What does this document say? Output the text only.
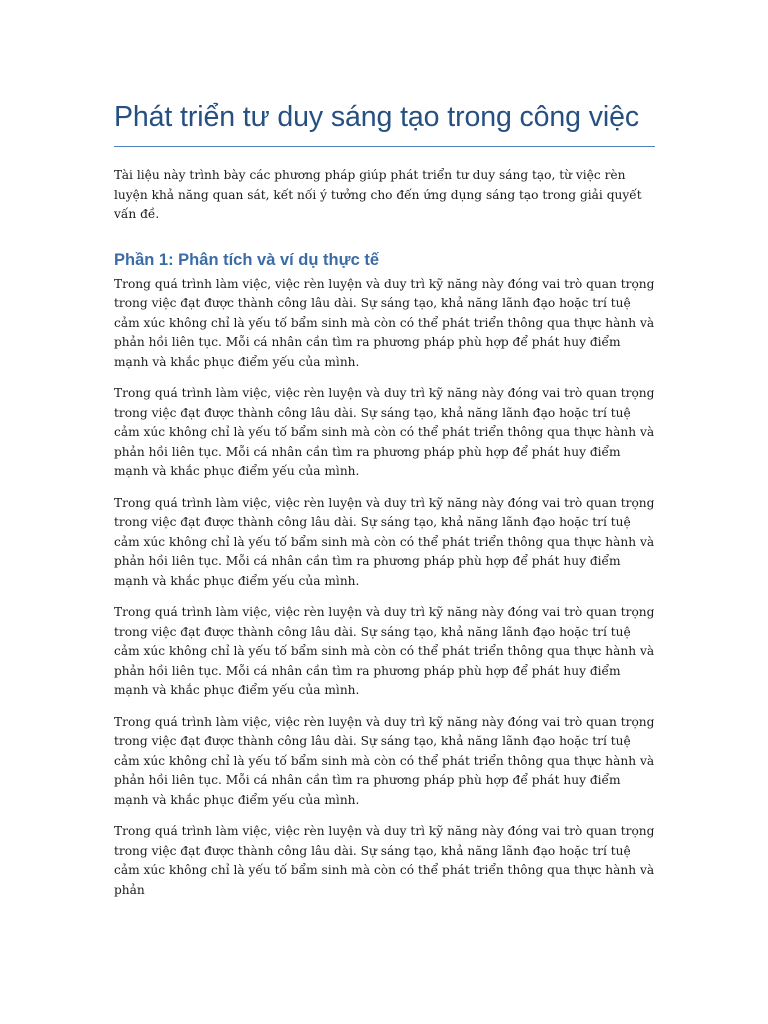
Phát triển tư duy sáng tạo trong công việc

Tài liệu này trình bày các phương pháp giúp phát triển tư duy sáng tạo, từ việc rèn luyện khả năng quan sát, kết nối ý tưởng cho đến ứng dụng sáng tạo trong giải quyết vấn đề.

Phần 1: Phân tích và ví dụ thực tế

Trong quá trình làm việc, việc rèn luyện và duy trì kỹ năng này đóng vai trò quan trọng trong việc đạt được thành công lâu dài. Sự sáng tạo, khả năng lãnh đạo hoặc trí tuệ cảm xúc không chỉ là yếu tố bẩm sinh mà còn có thể phát triển thông qua thực hành và phản hồi liên tục. Mỗi cá nhân cần tìm ra phương pháp phù hợp để phát huy điểm mạnh và khắc phục điểm yếu của mình.

Trong quá trình làm việc, việc rèn luyện và duy trì kỹ năng này đóng vai trò quan trọng trong việc đạt được thành công lâu dài. Sự sáng tạo, khả năng lãnh đạo hoặc trí tuệ cảm xúc không chỉ là yếu tố bẩm sinh mà còn có thể phát triển thông qua thực hành và phản hồi liên tục. Mỗi cá nhân cần tìm ra phương pháp phù hợp để phát huy điểm mạnh và khắc phục điểm yếu của mình.

Trong quá trình làm việc, việc rèn luyện và duy trì kỹ năng này đóng vai trò quan trọng trong việc đạt được thành công lâu dài. Sự sáng tạo, khả năng lãnh đạo hoặc trí tuệ cảm xúc không chỉ là yếu tố bẩm sinh mà còn có thể phát triển thông qua thực hành và phản hồi liên tục. Mỗi cá nhân cần tìm ra phương pháp phù hợp để phát huy điểm mạnh và khắc phục điểm yếu của mình.

Trong quá trình làm việc, việc rèn luyện và duy trì kỹ năng này đóng vai trò quan trọng trong việc đạt được thành công lâu dài. Sự sáng tạo, khả năng lãnh đạo hoặc trí tuệ cảm xúc không chỉ là yếu tố bẩm sinh mà còn có thể phát triển thông qua thực hành và phản hồi liên tục. Mỗi cá nhân cần tìm ra phương pháp phù hợp để phát huy điểm mạnh và khắc phục điểm yếu của mình.

Trong quá trình làm việc, việc rèn luyện và duy trì kỹ năng này đóng vai trò quan trọng trong việc đạt được thành công lâu dài. Sự sáng tạo, khả năng lãnh đạo hoặc trí tuệ cảm xúc không chỉ là yếu tố bẩm sinh mà còn có thể phát triển thông qua thực hành và phản hồi liên tục. Mỗi cá nhân cần tìm ra phương pháp phù hợp để phát huy điểm mạnh và khắc phục điểm yếu của mình.

Trong quá trình làm việc, việc rèn luyện và duy trì kỹ năng này đóng vai trò quan trọng trong việc đạt được thành công lâu dài. Sự sáng tạo, khả năng lãnh đạo hoặc trí tuệ cảm xúc không chỉ là yếu tố bẩm sinh mà còn có thể phát triển thông qua thực hành và phản
